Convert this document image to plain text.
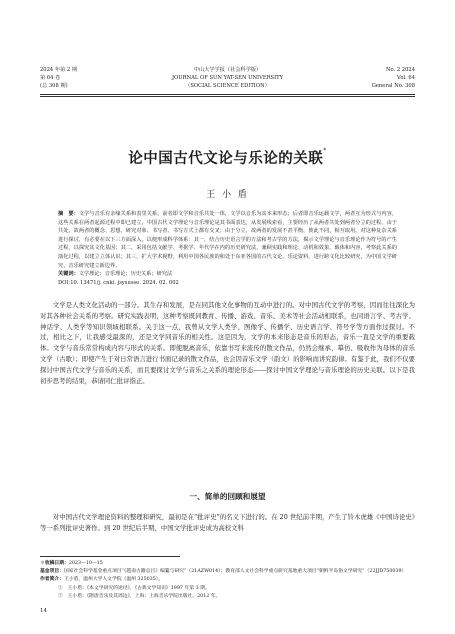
2024 年第 2 期
第 64 卷
(总 308 期)
中山大学学报（社会科学版）
JOURNAL OF SUN YAT-SEN UNIVERSITY
（SOCIAL SCIENCE EDITION）
No. 2 2024
Vol. 64
General No. 308
论中国古代文论与乐论的关联*
王 小 盾

摘　要：文学与音乐有亲缘关系和表里关系。前者即文学和音乐共处一体，文学以音乐为其本来形态；后者即音乐运载文学，两者互为形式与内容。这些关系在两者起源过程中即已建立，中国古代文学理论与音乐理论是其书面表达，从发展线索看，主要经历了从两者共处到两者分立的过程。由于共处，故两者的概念、思想、研究对象、书写者、书写方式上都有交叉；由于分立，故两者的发展不甚平衡，彼此不同，相互取用。对这种复杂关系进行探讨，有必要在以下三方面深入，以便形成科学体系：其一，结合历史语言学的方法和考古学的方法，揭示文学理论与音乐理论作为符号的产生过程，以探究其文化基因；其二，采用包括文献学、考据学、年代学在内的历史研究法，兼顾实践和理论、动机和效果、载体和内容，考察此关系的演化过程，以建立立体认识；其三，扩大学术视野，利用中国各民族的和处于东亚各国的古代文论、乐论资料，进行跨文化比较研究，为中国文学研究、音乐研究建立新边界。

关键词：文学理论；音乐理论；历史关系；研究法

DOI:10. 13471/j. cnki. jsysusse. 2024. 02. 002

文学是人类文化活动的一部分。其生存和发展，是在同其他文化事物的互动中进行的。对中国古代文学的考察，因而往往深化为对其各种社会关系的考察。研究实践表明，这种考察既同教育、传播、游戏、音乐、美术等社会活动相联系，也同语言学、考古学、神话学、人类学等知识领域相联系。关于这一点，我曾从文学人类学、图像学、传播学、历史语言学、符号学等方面作过探讨。不过，相比之下，让我感受最深的，还是文学同音乐的相关性。这是因为，文学的本来形态是音乐的形态，音乐一直是文学的重要载体。文学与音乐常常构成内容与形式的关系。即使脱离音乐，依靠书写来流传的散文作品，仍然会继承、摹仿、吸收作为母体的音乐文学（古歌）；即使产生于对日常语言进行书面记录的散文作品，也会因音乐文学（韵文）的影响而讲究韵律。有鉴于此，我们不仅要探讨中国古代文学与音乐的关系，而且要探讨文学与音乐之关系的理论形态——探讨中国文学理论与音乐理论的历史关联。以下是我初步思考的结果，恭请同仁批评指正。

一、简单的回顾和展望

对中国古代文学理论资料的整理和研究，最初是在“批评史”的名义下进行的。在 20 世纪前半期，产生了铃木虎雄《中国诗论史》等一系列批评史著作。到 20 世纪后半期，中国文学批评史成为高校文科

＊收稿日期：2023—10—15
基金项目：国家社会科学基金重点项目“《越南古籍总目》编纂与研究”（21AZW014）；教育部人文社会科学重点研究基地重大项目“朝鲜半岛俗文学研究”（22JJD750039）
作者简介：王小盾，温州大学人文学院（温州 325035）。
①　王小盾：《本文学研究的途径》，《古典文学知识》1997 年第 3 期。
②　王小盾：《隋唐音乐及其周边》，上海：上海音乐学院出版社，2012 年。
14
